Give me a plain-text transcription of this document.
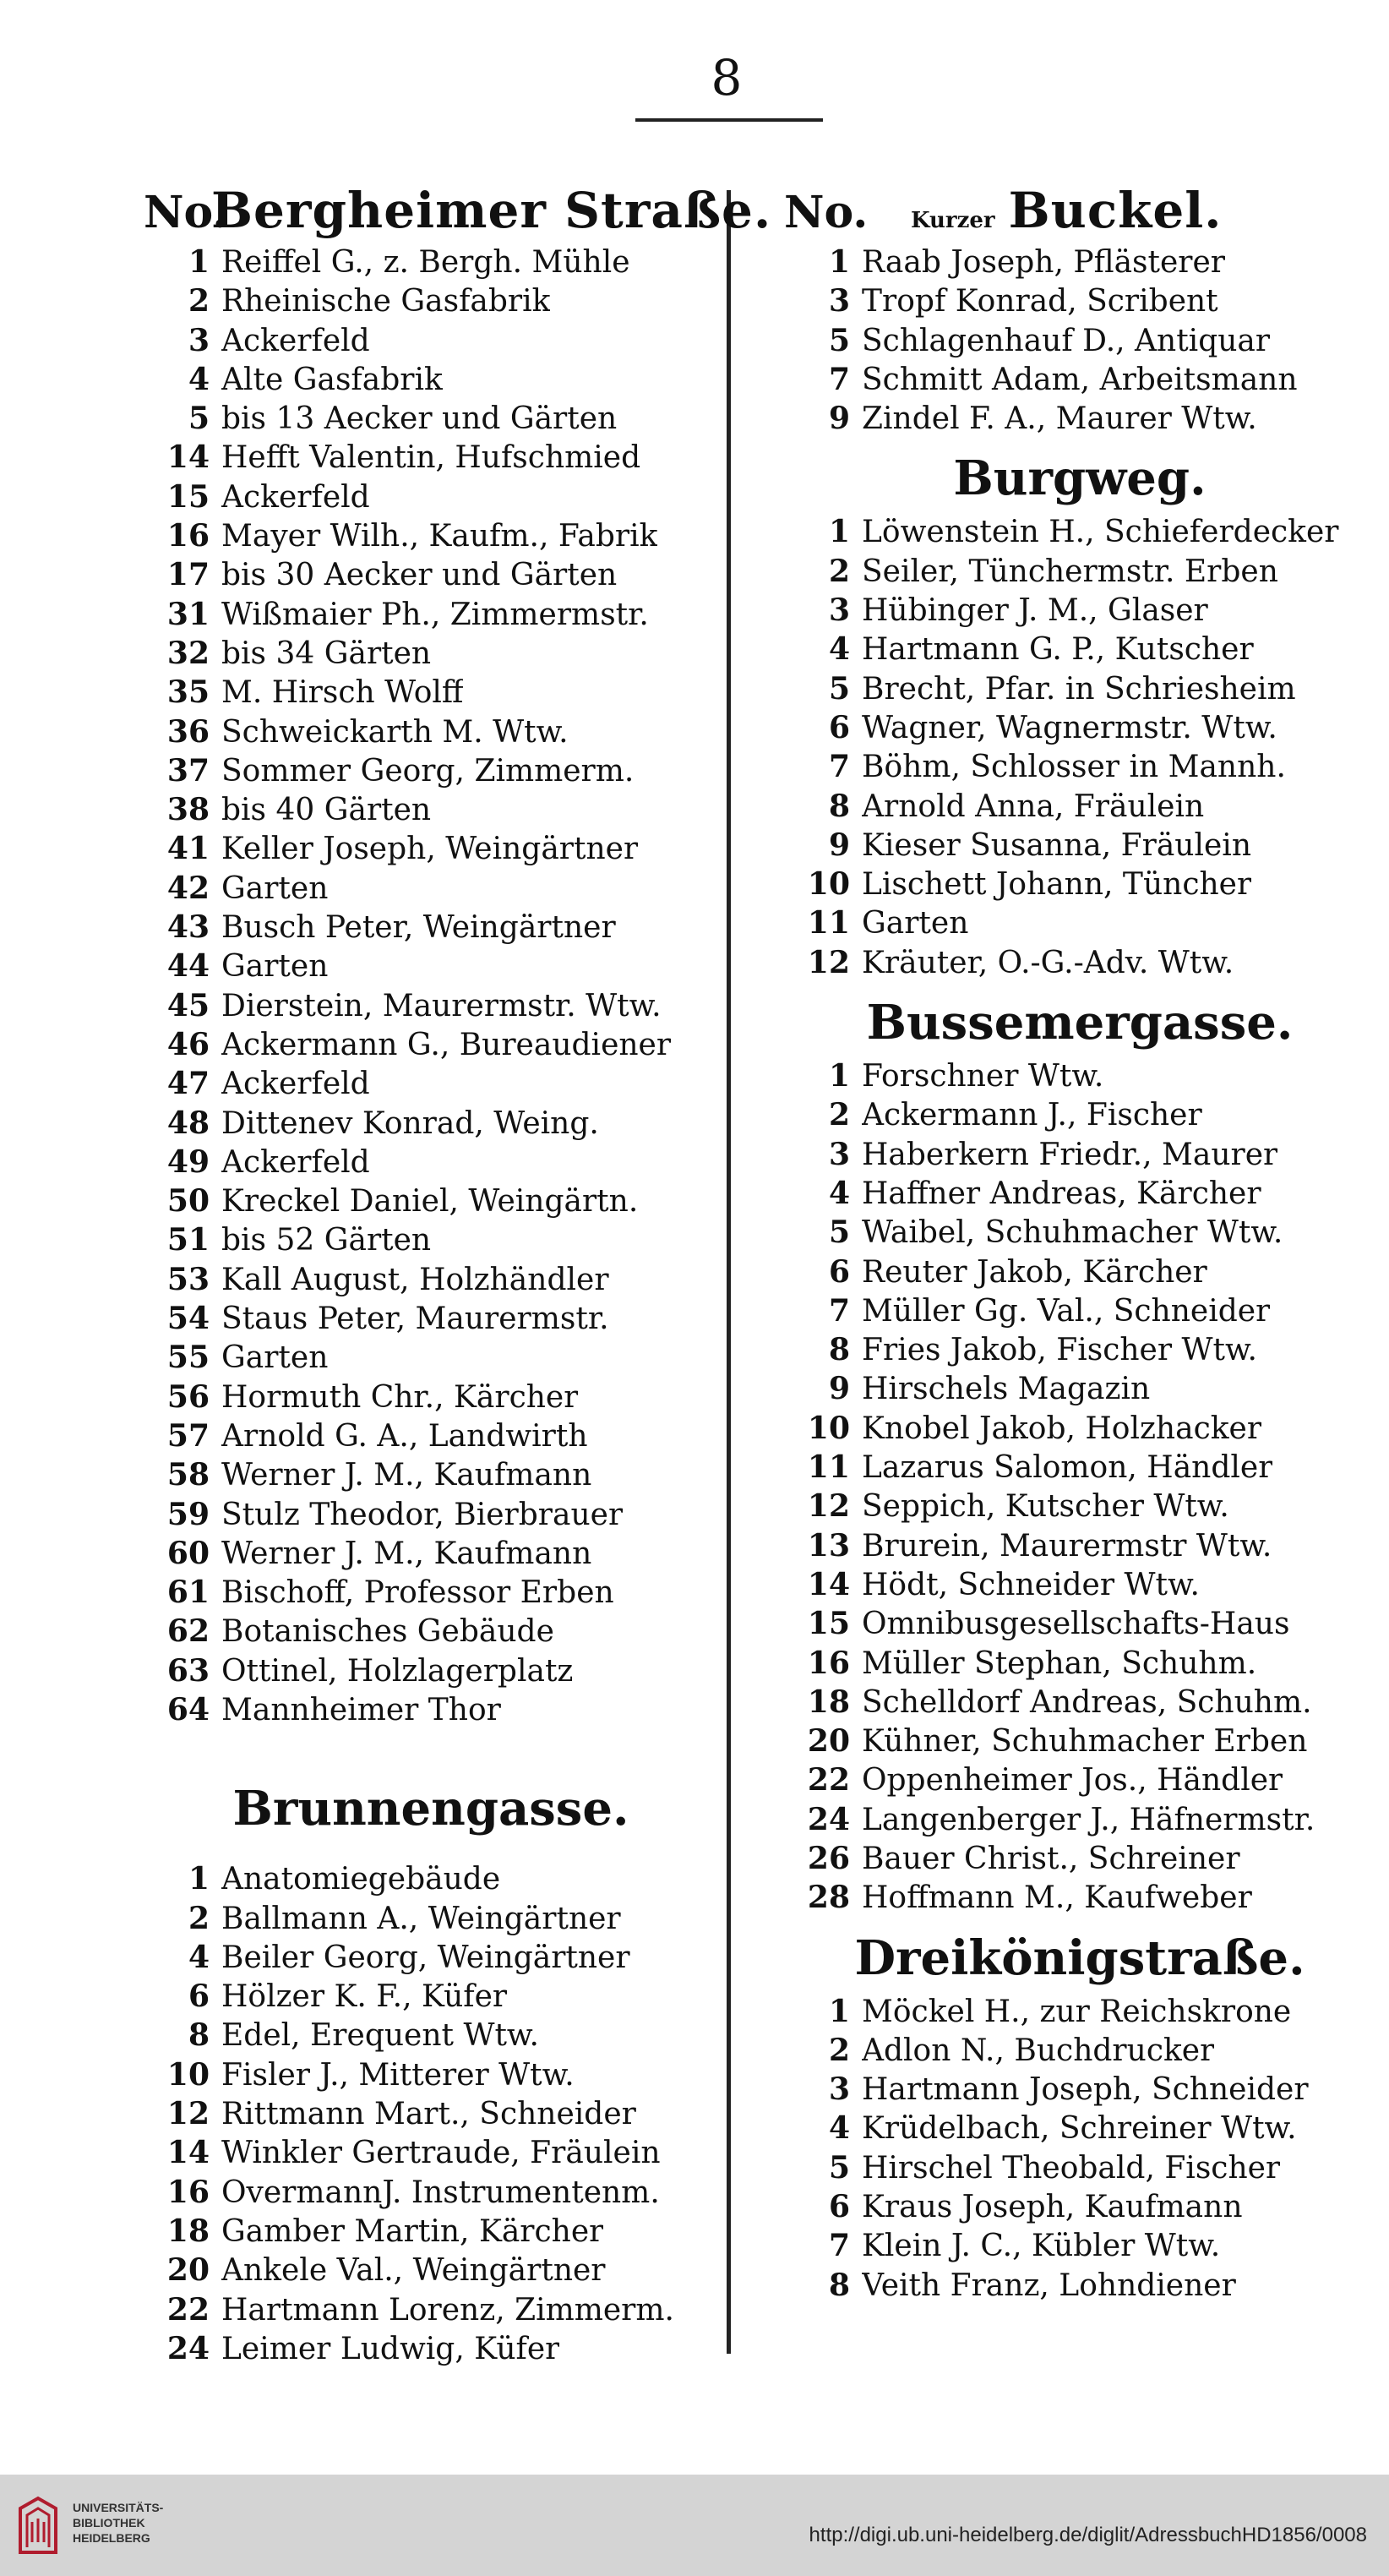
8
No.
Bergheimer Straße.
1 Reiffel G., z. Bergh. Mühle
2 Rheinische Gasfabrik
3 Ackerfeld
4 Alte Gasfabrik
5 bis 13 Aecker und Gärten
14 Hefft Valentin, Hufschmied
15 Ackerfeld
16 Mayer Wilh., Kaufm., Fabrik
17 bis 30 Aecker und Gärten
31 Wißmaier Ph., Zimmermstr.
32 bis 34 Gärten
35 M. Hirsch Wolff
36 Schweickarth M. Wtw.
37 Sommer Georg, Zimmerm.
38 bis 40 Gärten
41 Keller Joseph, Weingärtner
42 Garten
43 Busch Peter, Weingärtner
44 Garten
45 Dierstein, Maurermstr. Wtw.
46 Ackermann G., Bureaudiener
47 Ackerfeld
48 Dittenev Konrad, Weing.
49 Ackerfeld
50 Kreckel Daniel, Weingärtn.
51 bis 52 Gärten
53 Kall August, Holzhändler
54 Staus Peter, Maurermstr.
55 Garten
56 Hormuth Chr., Kärcher
57 Arnold G. A., Landwirth
58 Werner J. M., Kaufmann
59 Stulz Theodor, Bierbrauer
60 Werner J. M., Kaufmann
61 Bischoff, Professor Erben
62 Botanisches Gebäude
63 Ottinel, Holzlagerplatz
64 Mannheimer Thor
Brunnengasse.
1 Anatomiegebäude
2 Ballmann A., Weingärtner
4 Beiler Georg, Weingärtner
6 Hölzer K. F., Küfer
8 Edel, Erequent Wtw.
10 Fisler J., Mitterer Wtw.
12 Rittmann Mart., Schneider
14 Winkler Gertraude, Fräulein
16 OvermannJ. Instrumentenm.
18 Gamber Martin, Kärcher
20 Ankele Val., Weingärtner
22 Hartmann Lorenz, Zimmerm.
24 Leimer Ludwig, Küfer
No. Kurzer Buckel.
1 Raab Joseph, Pflästerer
3 Tropf Konrad, Scribent
5 Schlagenhauf D., Antiquar
7 Schmitt Adam, Arbeitsmann
9 Zindel F. A., Maurer Wtw.
Burgweg.
1 Löwenstein H., Schieferdecker
2 Seiler, Tünchermstr. Erben
3 Hübinger J. M., Glaser
4 Hartmann G. P., Kutscher
5 Brecht, Pfar. in Schriesheim
6 Wagner, Wagnermstr. Wtw.
7 Böhm, Schlosser in Mannh.
8 Arnold Anna, Fräulein
9 Kieser Susanna, Fräulein
10 Lischett Johann, Tüncher
11 Garten
12 Kräuter, O.-G.-Adv. Wtw.
Bussemergasse.
1 Forschner Wtw.
2 Ackermann J., Fischer
3 Haberkern Friedr., Maurer
4 Haffner Andreas, Kärcher
5 Waibel, Schuhmacher Wtw.
6 Reuter Jakob, Kärcher
7 Müller Gg. Val., Schneider
8 Fries Jakob, Fischer Wtw.
9 Hirschels Magazin
10 Knobel Jakob, Holzhacker
11 Lazarus Salomon, Händler
12 Seppich, Kutscher Wtw.
13 Brurein, Maurermstr Wtw.
14 Hödt, Schneider Wtw.
15 Omnibusgesellschafts-Haus
16 Müller Stephan, Schuhm.
18 Schelldorf Andreas, Schuhm.
20 Kühner, Schuhmacher Erben
22 Oppenheimer Jos., Händler
24 Langenberger J., Häfnermstr.
26 Bauer Christ., Schreiner
28 Hoffmann M., Kaufweber
Dreikönigstraße.
1 Möckel H., zur Reichskrone
2 Adlon N., Buchdrucker
3 Hartmann Joseph, Schneider
4 Krüdelbach, Schreiner Wtw.
5 Hirschel Theobald, Fischer
6 Kraus Joseph, Kaufmann
7 Klein J. C., Kübler Wtw.
8 Veith Franz, Lohndiener
UNIVERSITÄTS-
BIBLIOTHEK
HEIDELBERG	http://digi.ub.uni-heidelberg.de/diglit/AdressbuchHD1856/0008
